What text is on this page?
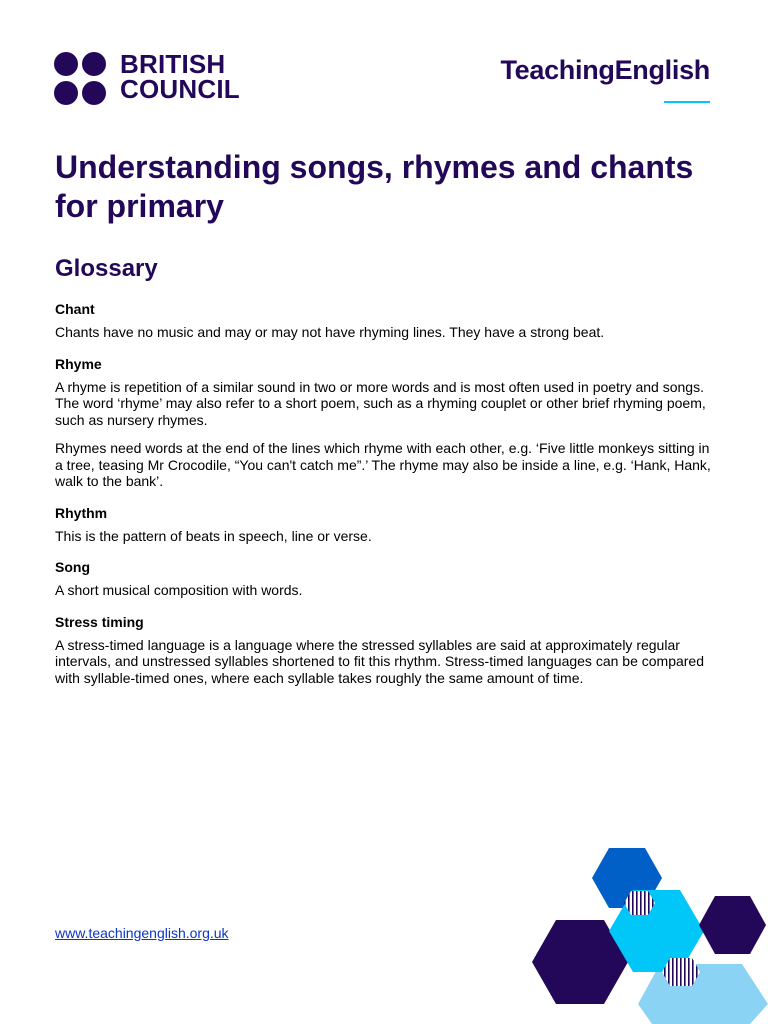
BRITISH
COUNCIL
TeachingEnglish
Understanding songs, rhymes and chants for primary
Glossary

Chant

Chants have no music and may or may not have rhyming lines. They have a strong beat.

Rhyme

A rhyme is repetition of a similar sound in two or more words and is most often used in poetry and songs. The word ‘rhyme’ may also refer to a short poem, such as a rhyming couplet or other brief rhyming poem, such as nursery rhymes.

Rhymes need words at the end of the lines which rhyme with each other, e.g. ‘Five little monkeys sitting in a tree, teasing Mr Crocodile, “You can't catch me”.’ The rhyme may also be inside a line, e.g. ‘Hank, Hank, walk to the bank’.

Rhythm

This is the pattern of beats in speech, line or verse.

Song

A short musical composition with words.

Stress timing

A stress-timed language is a language where the stressed syllables are said at approximately regular intervals, and unstressed syllables shortened to fit this rhythm. Stress-timed languages can be compared with syllable-timed ones, where each syllable takes roughly the same amount of time.

www.teachingenglish.org.uk
